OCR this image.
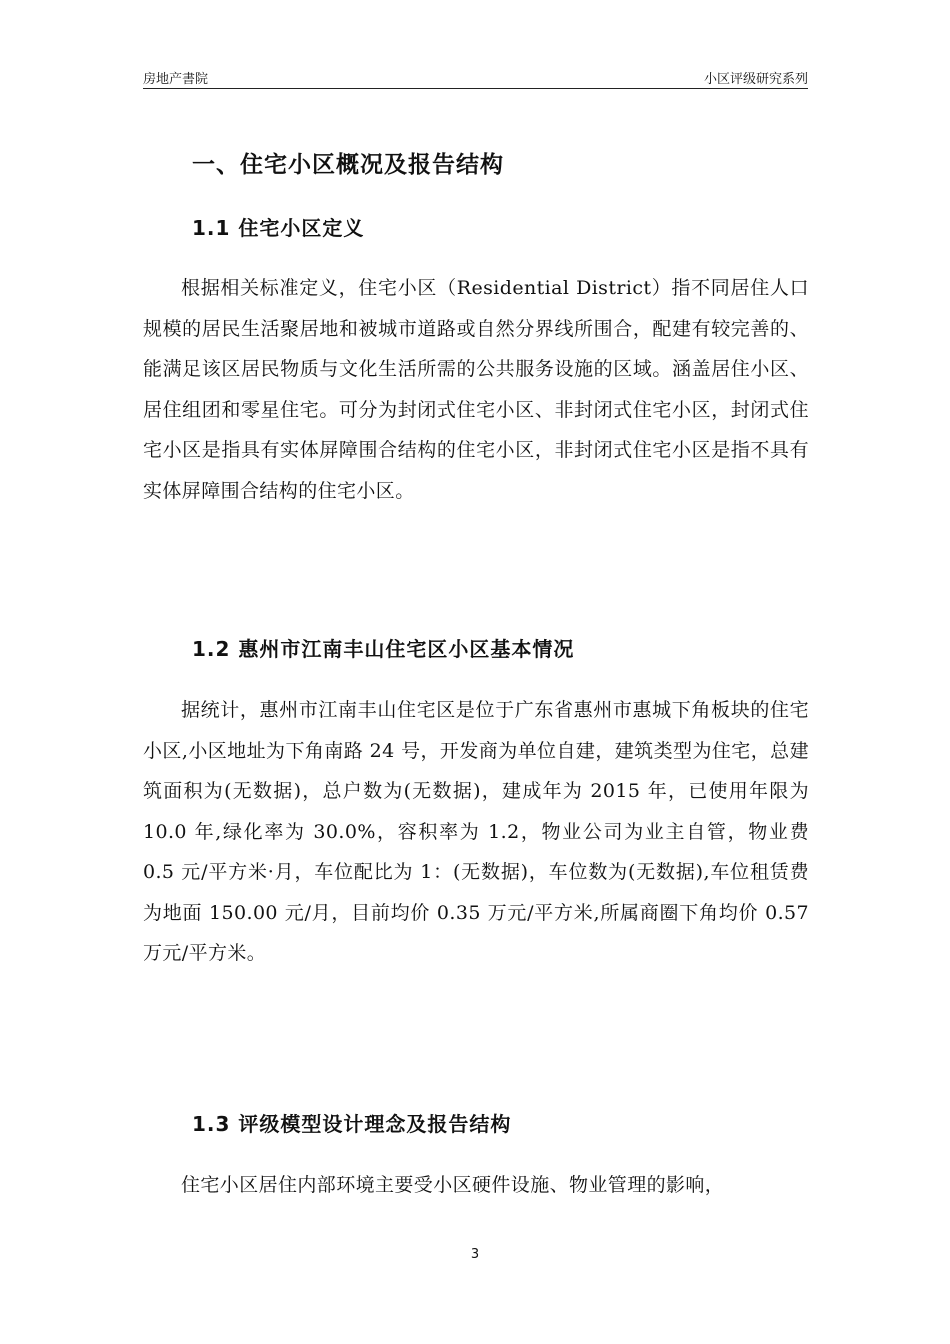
房地产書院	小区评级研究系列
一、住宅小区概况及报告结构
1.1 住宅小区定义

根据相关标准定义，住宅小区（Residential District）指不同居住人口规模的居民生活聚居地和被城市道路或自然分界线所围合，配建有较完善的、能满足该区居民物质与文化生活所需的公共服务设施的区域。涵盖居住小区、居住组团和零星住宅。可分为封闭式住宅小区、非封闭式住宅小区，封闭式住宅小区是指具有实体屏障围合结构的住宅小区，非封闭式住宅小区是指不具有实体屏障围合结构的住宅小区。

1.2 惠州市江南丰山住宅区小区基本情况

据统计，惠州市江南丰山住宅区是位于广东省惠州市惠城下角板块的住宅小区,小区地址为下角南路 24 号，开发商为单位自建，建筑类型为住宅，总建筑面积为(无数据)，总户数为(无数据)，建成年为 2015 年，已使用年限为 10.0 年,绿化率为 30.0%，容积率为 1.2，物业公司为业主自管，物业费 0.5 元/平方米·月，车位配比为 1：(无数据)，车位数为(无数据),车位租赁费为地面 150.00 元/月，目前均价 0.35 万元/平方米,所属商圈下角均价 0.57 万元/平方米。

1.3 评级模型设计理念及报告结构

住宅小区居住内部环境主要受小区硬件设施、物业管理的影响，

3
